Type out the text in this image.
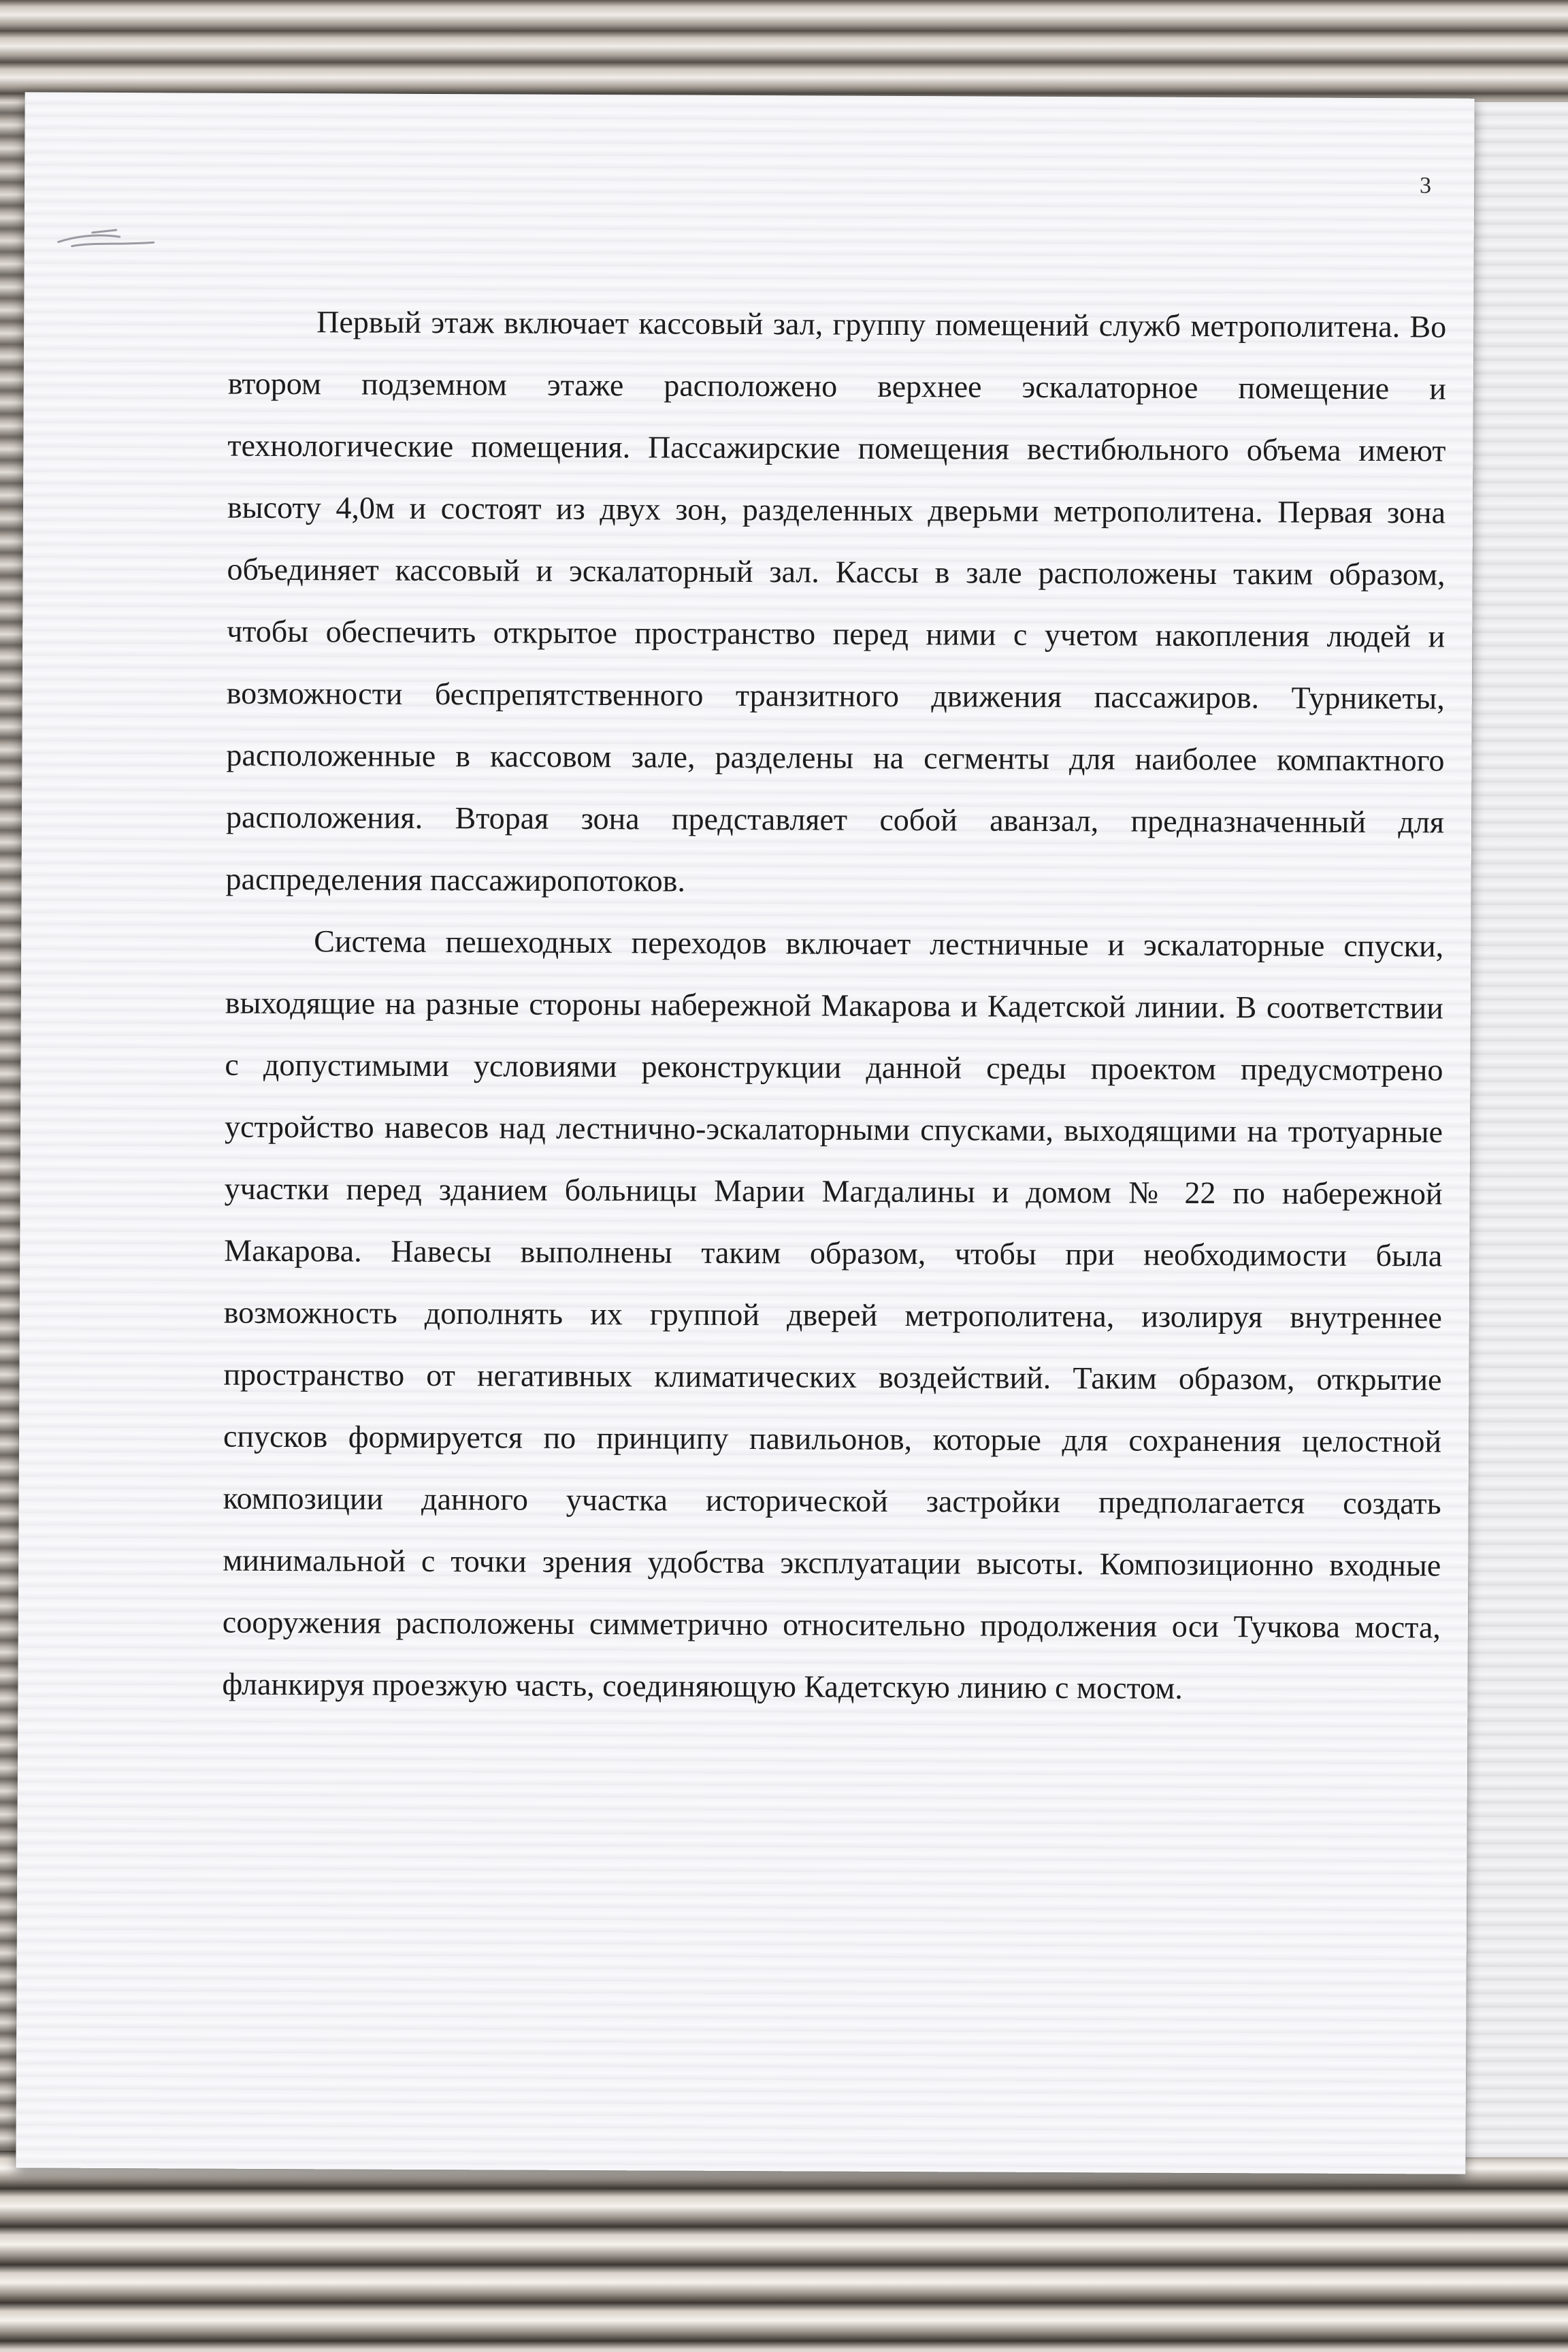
3

Первый этаж включает кассовый зал, группу помещений служб метрополитена. Во втором подземном этаже расположено верхнее эскалаторное помещение и технологические помещения. Пассажирские помещения вестибюльного объема имеют высоту 4,0м и состоят из двух зон, разделенных дверьми метрополитена. Первая зона объединяет кассовый и эскалаторный зал. Кассы в зале расположены таким образом, чтобы обеспечить открытое пространство перед ними с учетом накопления людей и возможности беспрепятственного транзитного движения пассажиров. Турникеты, расположенные в кассовом зале, разделены на сегменты для наиболее компактного расположения. Вторая зона представляет собой аванзал, предназначенный для распределения пассажиропотоков.

Система пешеходных переходов включает лестничные и эскалаторные спуски, выходящие на разные стороны набережной Макарова и Кадетской линии. В соответствии с допустимыми условиями реконструкции данной среды проектом предусмотрено устройство навесов над лестнично-эскалаторными спусками, выходящими на тротуарные участки перед зданием больницы Марии Магдалины и домом № 22 по набережной Макарова. Навесы выполнены таким образом, чтобы при необходимости была возможность дополнять их группой дверей метрополитена, изолируя внутреннее пространство от негативных климатических воздействий. Таким образом, открытие спусков формируется по принципу павильонов, которые для сохранения целостной композиции данного участка исторической застройки предполагается создать минимальной с точки зрения удобства эксплуатации высоты. Композиционно входные сооружения расположены симметрично относительно продолжения оси Тучкова моста, фланкируя проезжую часть, соединяющую Кадетскую линию с мостом.
